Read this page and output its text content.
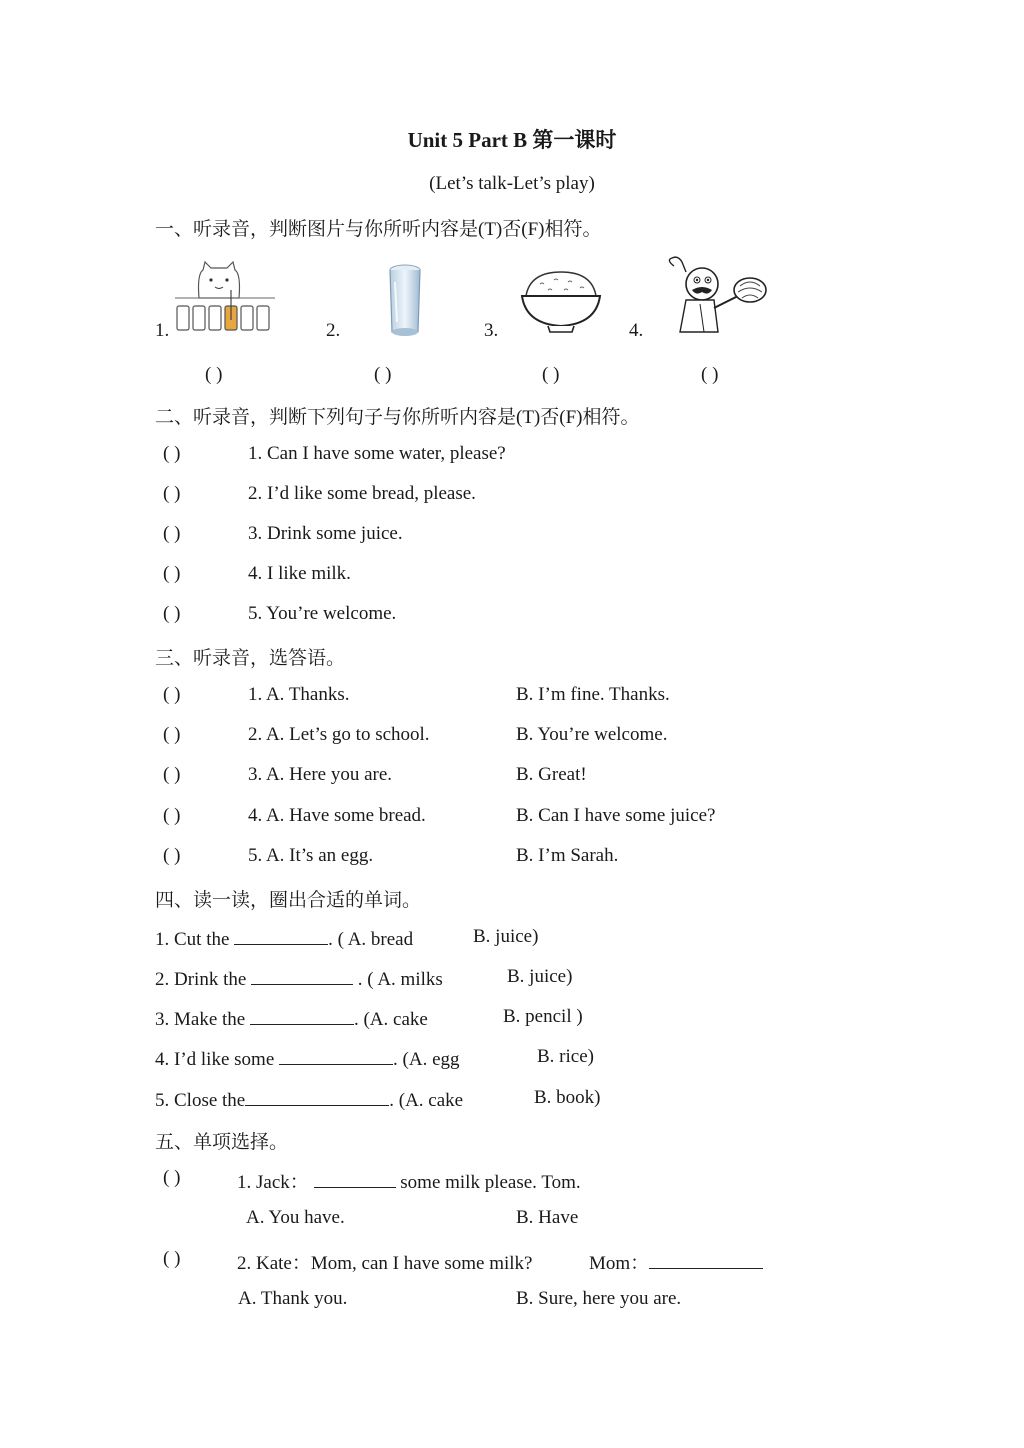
Unit 5 Part B 第一课时
(Let’s talk-Let’s play)
一、听录音，判断图片与你所听内容是(T)否(F)相符。
1.	2.	3.	4.
( )	( )	( )	( )
二、听录音，判断下列句子与你所听内容是(T)否(F)相符。
( )	1. Can I have some water, please?
( )	2. I’d like some bread, please.
( )	3. Drink some juice.
( )	4. I like milk.
( )	5. You’re welcome.
三、听录音，选答语。
( )	1. A. Thanks.	B. I’m fine. Thanks.
( )	2. A. Let’s go to school.	B. You’re welcome.
( )	3. A. Here you are.	B. Great!
( )	4. A. Have some bread.	B. Can I have some juice?
( )	5. A. It’s an egg.	B. I’m Sarah.
四、读一读，圈出合适的单词。
1. Cut the	. ( A. bread	B. juice)
2. Drink the	. ( A. milks	B. juice)
3. Make the	. (A. cake	B. pencil )
4. I’d like some	. (A. egg	B. rice)
5. Close the	. (A. cake	B. book)
五、单项选择。
( )	1. Jack：	some milk please. Tom.
A. You have.	B. Have
( )	2. Kate：Mom, can I have some milk?	Mom：
A. Thank you.	B. Sure, here you are.
